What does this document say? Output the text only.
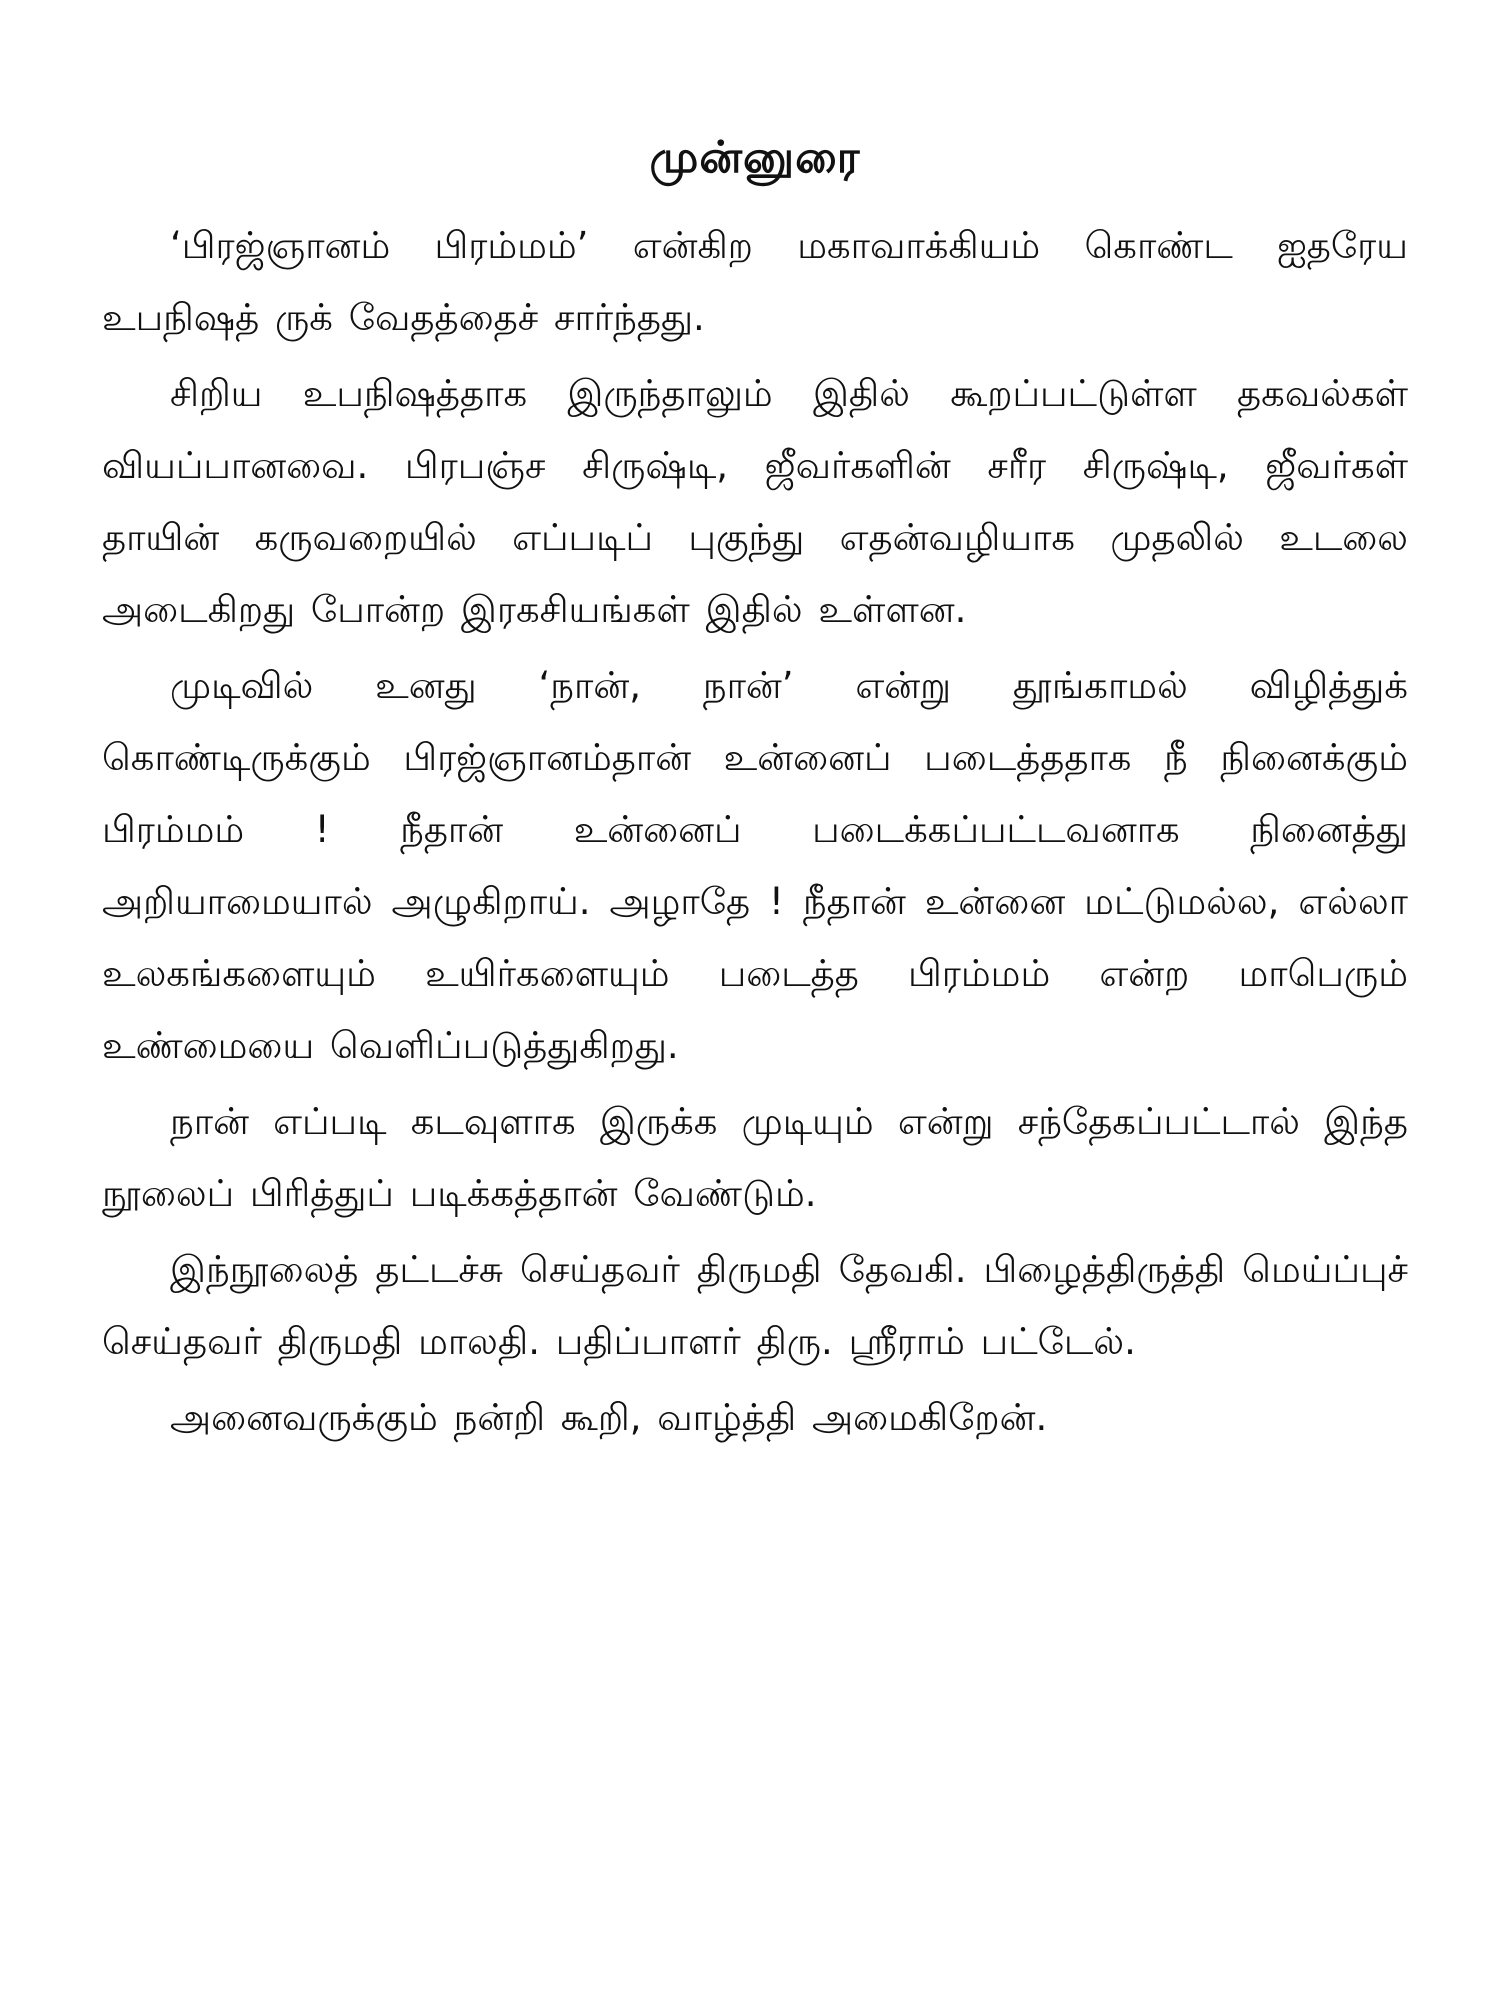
முன்னுரை

‘பிரஜ்ஞானம் பிரம்மம்’ என்கிற மகாவாக்கியம் கொண்ட ஐதரேய உபநிஷத் ருக் வேதத்தைச் சார்ந்தது.

சிறிய உபநிஷத்தாக இருந்தாலும் இதில் கூறப்பட்டுள்ள தகவல்கள் வியப்பானவை. பிரபஞ்ச சிருஷ்டி, ஜீவர்களின் சரீர சிருஷ்டி, ஜீவர்கள் தாயின் கருவறையில் எப்படிப் புகுந்து எதன்வழியாக முதலில் உடலை அடைகிறது போன்ற இரகசியங்கள் இதில் உள்ளன.

முடிவில் உனது ‘நான், நான்’ என்று தூங்காமல் விழித்துக் கொண்டிருக்கும் பிரஜ்ஞானம்தான் உன்னைப் படைத்ததாக நீ நினைக்கும் பிரம்மம் ! நீதான் உன்னைப் படைக்கப்பட்டவனாக நினைத்து அறியாமையால் அழுகிறாய். அழாதே ! நீதான் உன்னை மட்டுமல்ல, எல்லா உலகங்களையும் உயிர்களையும் படைத்த பிரம்மம் என்ற மாபெரும் உண்மையை வெளிப்படுத்துகிறது.

நான் எப்படி கடவுளாக இருக்க முடியும் என்று சந்தேகப்பட்டால் இந்த நூலைப் பிரித்துப் படிக்கத்தான் வேண்டும்.

இந்நூலைத் தட்டச்சு செய்தவர் திருமதி தேவகி. பிழைத்திருத்தி மெய்ப்புச் செய்தவர் திருமதி மாலதி. பதிப்பாளர் திரு. ஸ்ரீராம் பட்டேல்.

அனைவருக்கும் நன்றி கூறி, வாழ்த்தி அமைகிறேன்.
